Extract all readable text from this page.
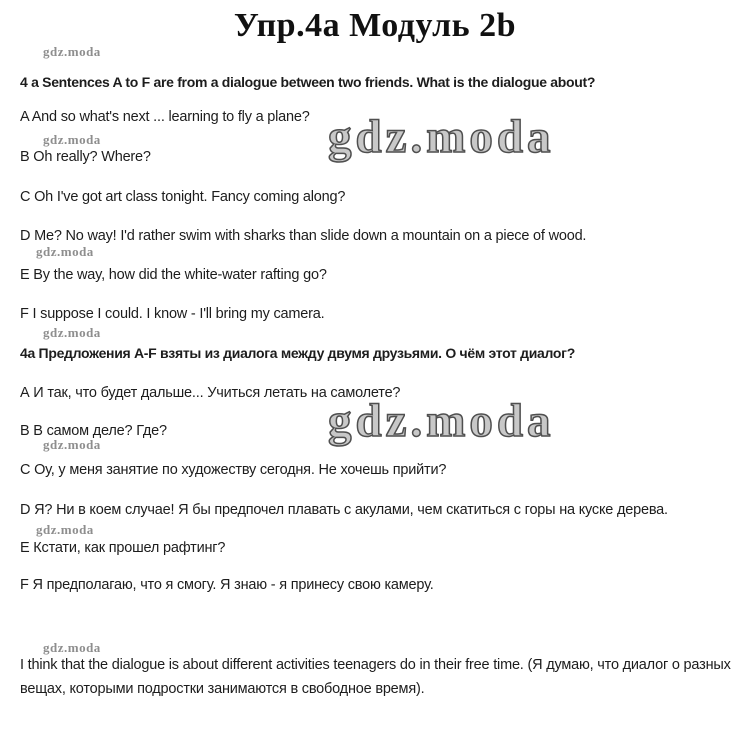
Упр.4a Модуль 2b
gdz.moda
gdz.moda
gdz.moda
gdz.moda
gdz.moda
gdz.moda
gdz.moda
gdz.moda
gdz.moda
4 a Sentences A to F are from a dialogue between two friends. What is the dialogue about?
A And so what's next ... learning to fly a plane?
B Oh really? Where?
C Oh I've got art class tonight. Fancy coming along?
D Me? No way! I'd rather swim with sharks than slide down a mountain on a piece of wood.
E By the way, how did the white-water rafting go?
F I suppose I could. I know - I'll bring my camera.
4а Предложения A-F взяты из диалога между двумя друзьями. О чём этот диалог?
А И так, что будет дальше... Учиться летать на самолете?
В В самом деле? Где?
С Оу, у меня занятие по художеству сегодня. Не хочешь прийти?
D Я? Ни в коем случае! Я бы предпочел плавать с акулами, чем скатиться с горы на куске дерева.
Е Кстати, как прошел рафтинг?
F Я предполагаю, что я смогу. Я знаю - я принесу свою камеру.
I think that the dialogue is about different activities teenagers do in their free time. (Я думаю, что диалог о разных вещах, которыми подростки занимаются в свободное время).
